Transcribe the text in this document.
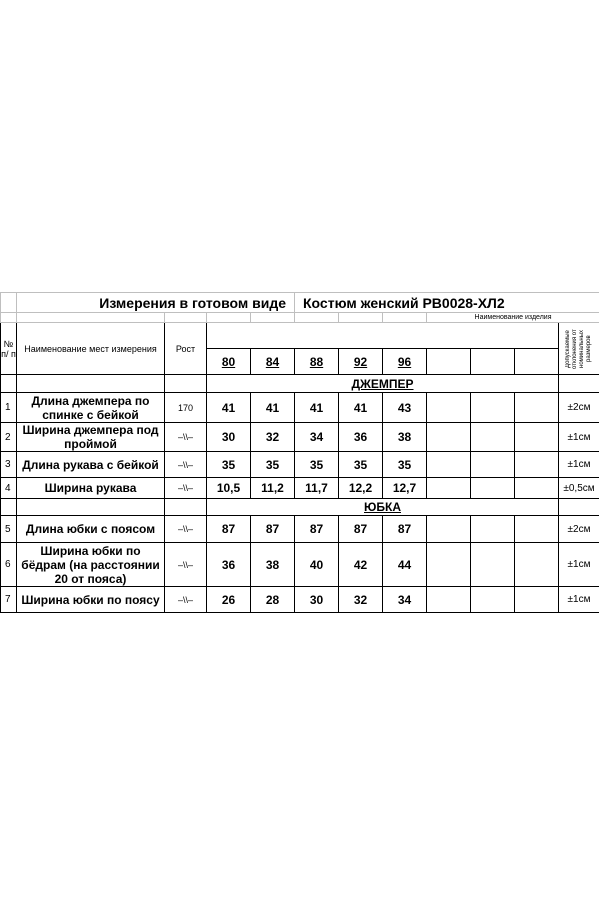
	Измерения в готовом виде				Костюм женский РВ0028-ХЛ2						
								Наименование изделия			
№ п/ п	Наименование мест измерения	Рост									Допускаемые отклонения от номинальных размеров

			80	84	88	92	96				
			ДЖЕМПЕР								
1	Длина джемпера по спинке с бейкой	170	41	41	41	41	43				±2см
2	Ширина джемпера под проймой	–\\–	30	32	34	36	38				±1см
3	Длина рукава с бейкой	–\\–	35	35	35	35	35				±1см
4	Ширина рукава	–\\–	10,5	11,2	11,7	12,2	12,7				±0,5см
			ЮБКА								
5	Длина юбки с поясом	–\\–	87	87	87	87	87				±2см
6	Ширина юбки по бёдрам (на расстоянии 20 от пояса)	–\\–	36	38	40	42	44				±1см
7	Ширина юбки по поясу	–\\–	26	28	30	32	34				±1см
